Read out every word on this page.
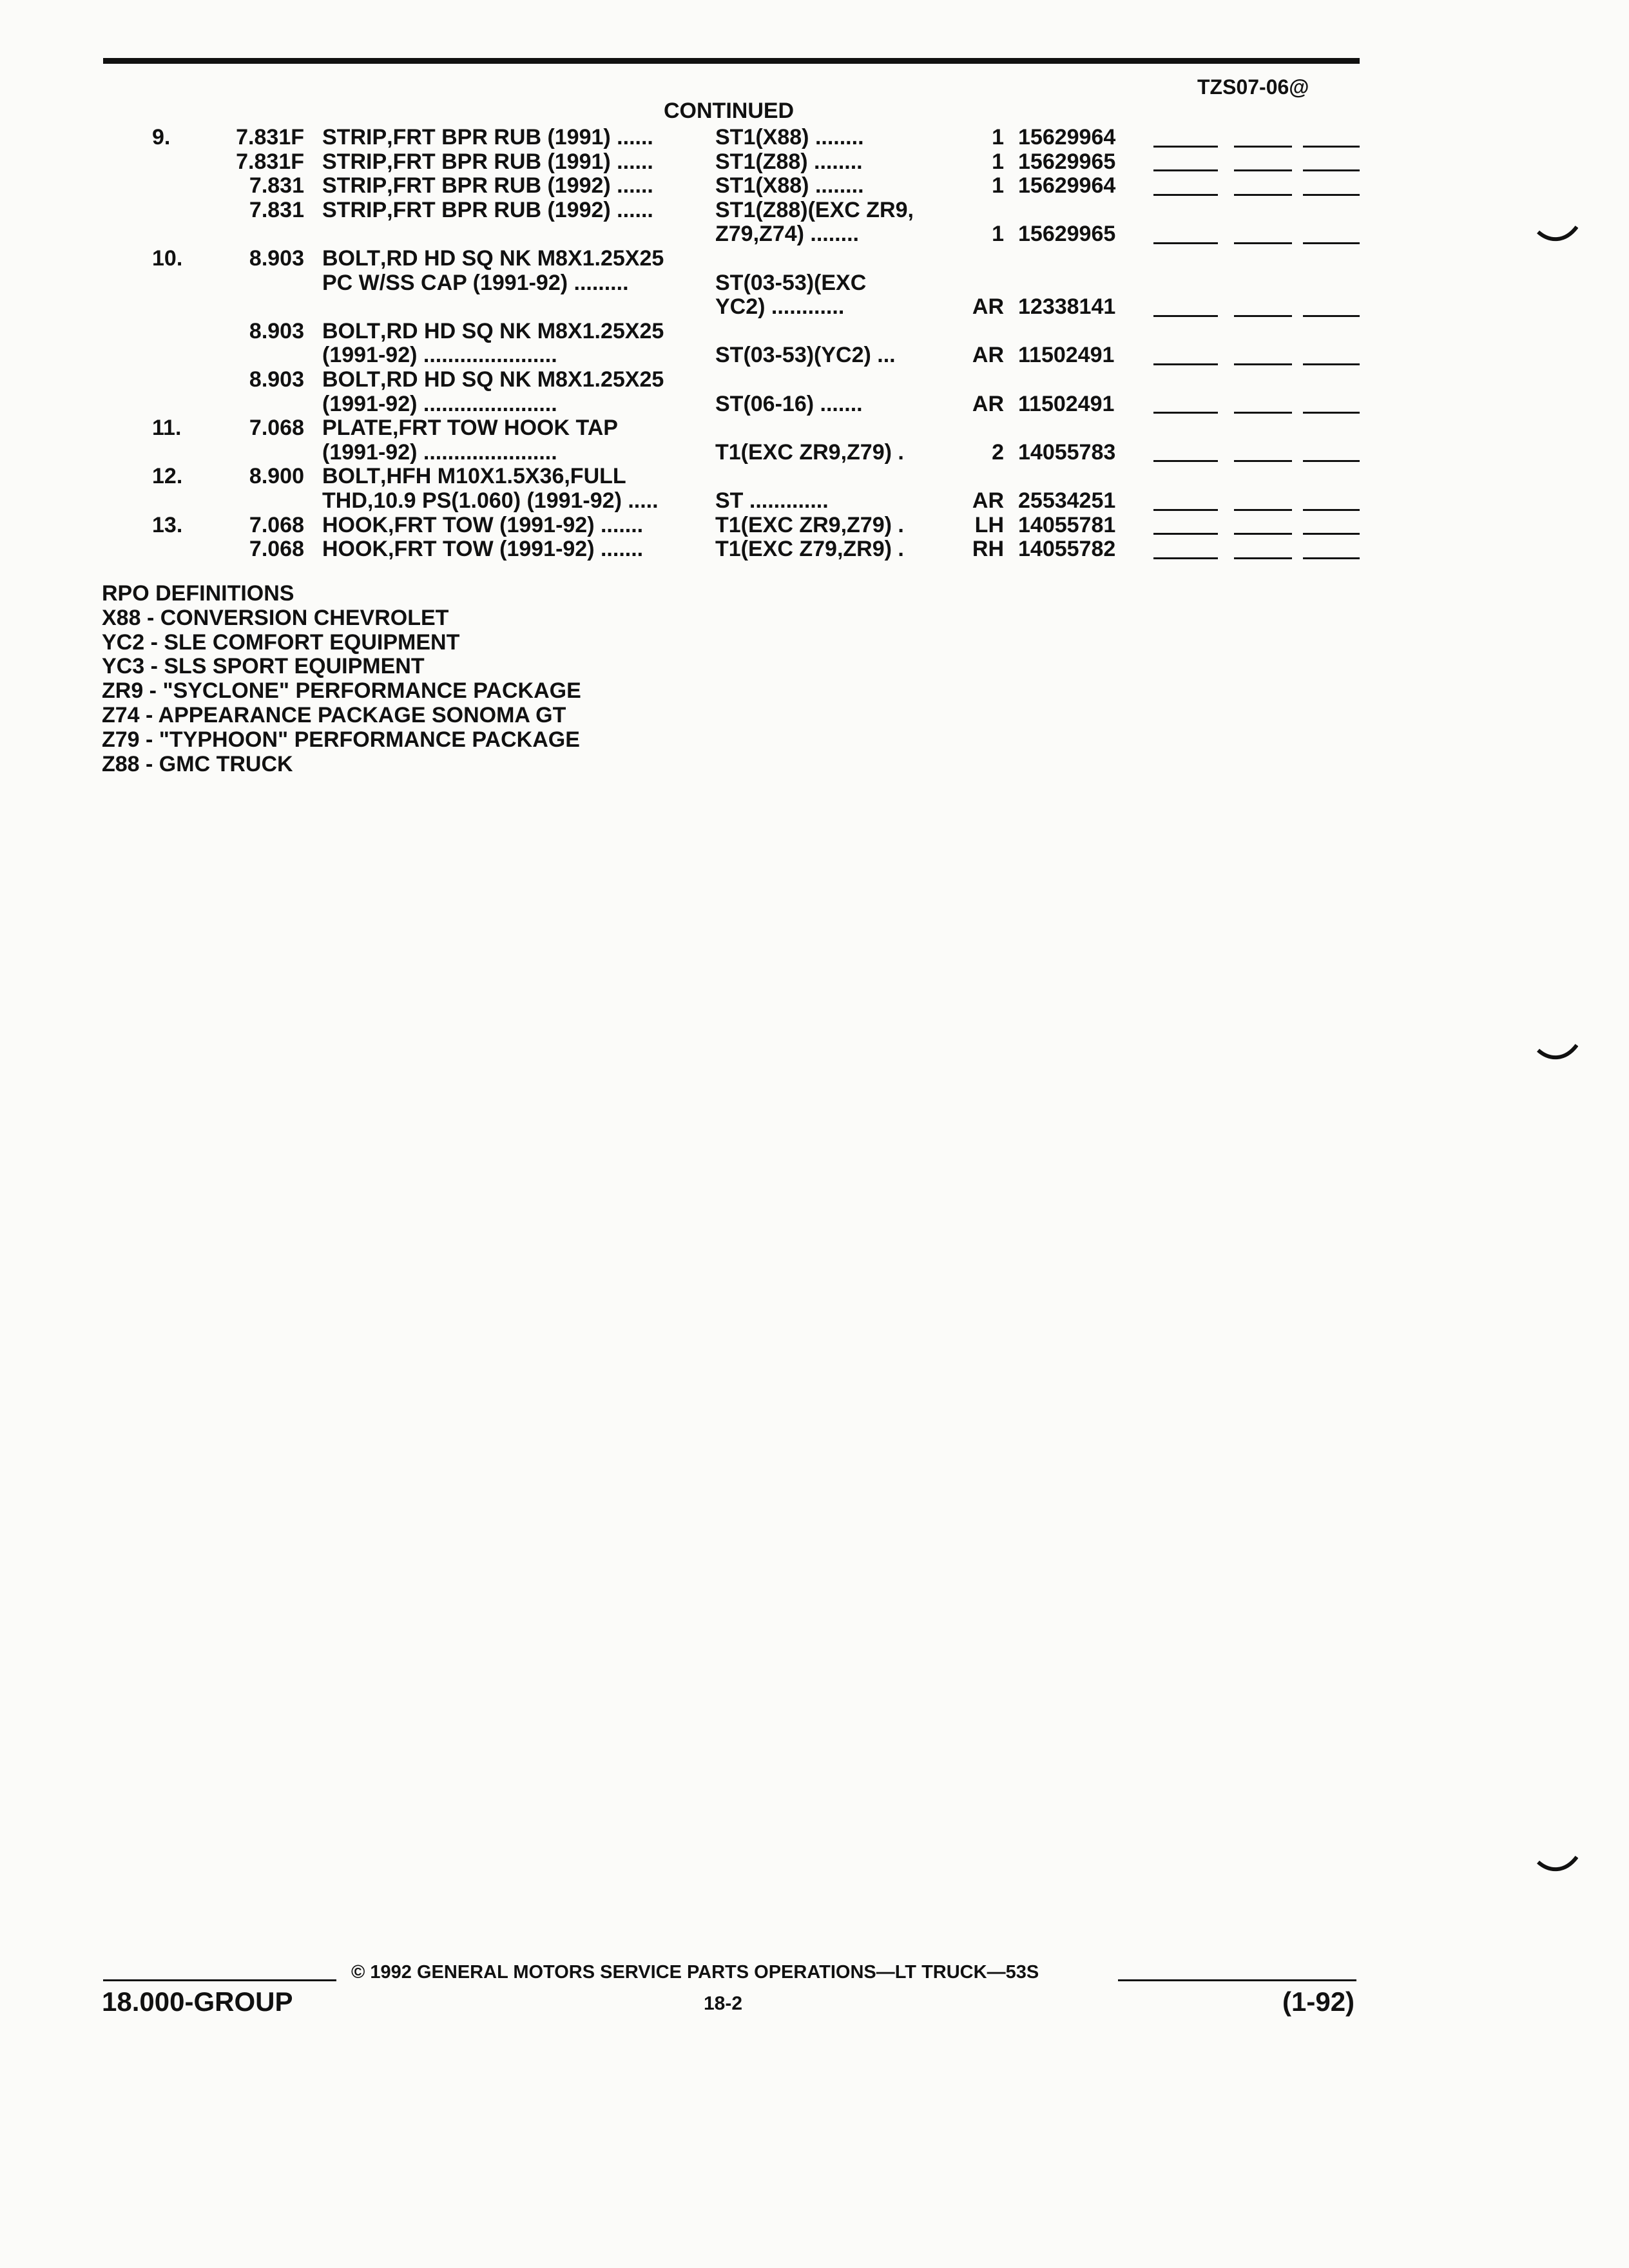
TZS07-06@
CONTINUED
9.	7.831F STRIP,FRT BPR RUB (1991) ......	ST1(X88) ........	1 15629964
7.831F STRIP,FRT BPR RUB (1991) ......	ST1(Z88) ........	1 15629965
7.831 STRIP,FRT BPR RUB (1992) ......	ST1(X88) ........	1 15629964
7.831 STRIP,FRT BPR RUB (1992) ......	ST1(Z88)(EXC ZR9,
Z79,Z74) ........	1 15629965
10.	8.903 BOLT,RD HD SQ NK M8X1.25X25
PC W/SS CAP (1991-92) .........	ST(03-53)(EXC
YC2) ............	AR 12338141
8.903 BOLT,RD HD SQ NK M8X1.25X25
(1991-92) ......................	ST(03-53)(YC2) ...	AR 11502491
8.903 BOLT,RD HD SQ NK M8X1.25X25
(1991-92) ......................	ST(06-16) .......	AR 11502491
11.	7.068 PLATE,FRT TOW HOOK TAP
(1991-92) ......................	T1(EXC ZR9,Z79) .	2 14055783
12.	8.900 BOLT,HFH M10X1.5X36,FULL
THD,10.9 PS(1.060) (1991-92) .....	ST .............	AR 25534251
13.	7.068 HOOK,FRT TOW (1991-92) .......	T1(EXC ZR9,Z79) .	LH 14055781
7.068 HOOK,FRT TOW (1991-92) .......	T1(EXC Z79,ZR9) .	RH 14055782
RPO DEFINITIONS
X88 - CONVERSION CHEVROLET
YC2 - SLE COMFORT EQUIPMENT
YC3 - SLS SPORT EQUIPMENT
ZR9 - "SYCLONE" PERFORMANCE PACKAGE
Z74 - APPEARANCE PACKAGE SONOMA GT
Z79 - "TYPHOON" PERFORMANCE PACKAGE
Z88 - GMC TRUCK
© 1992 GENERAL MOTORS SERVICE PARTS OPERATIONS—LT TRUCK—53S
18.000-GROUP	18-2	(1-92)
